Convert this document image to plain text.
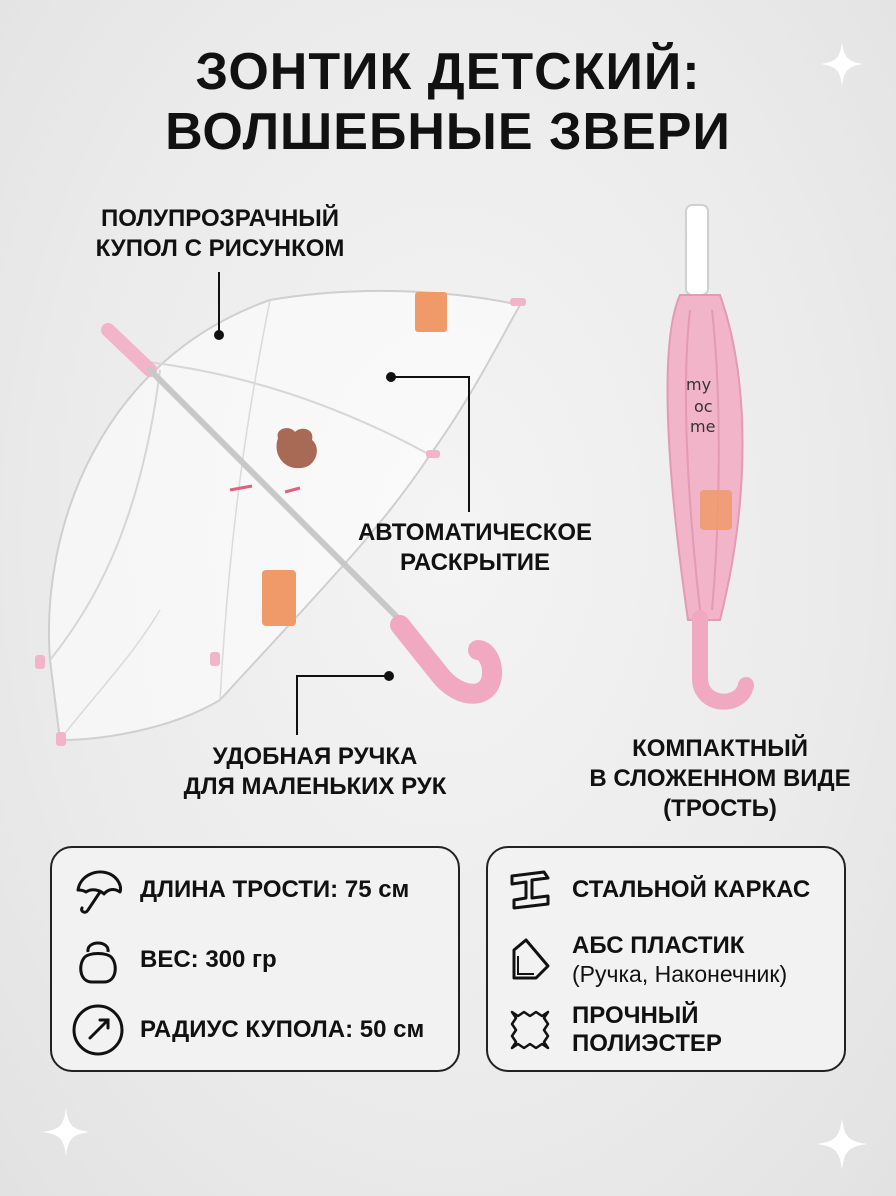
ЗОНТИК ДЕТСКИЙ:
ВОЛШЕБНЫЕ ЗВЕРИ
my
oc
me
ПОЛУПРОЗРАЧНЫЙ
КУПОЛ С РИСУНКОМ
АВТОМАТИЧЕСКОЕ
РАСКРЫТИЕ
УДОБНАЯ РУЧКА
ДЛЯ МАЛЕНЬКИХ РУК
КОМПАКТНЫЙ
В СЛОЖЕННОМ ВИДЕ
(ТРОСТЬ)
ДЛИНА ТРОСТИ: 75 см
ВЕС: 300 гр
РАДИУС КУПОЛА: 50 см
СТАЛЬНОЙ КАРКАС
АБС ПЛАСТИК
(Ручка, Наконечник)
ПРОЧНЫЙ ПОЛИЭСТЕР
